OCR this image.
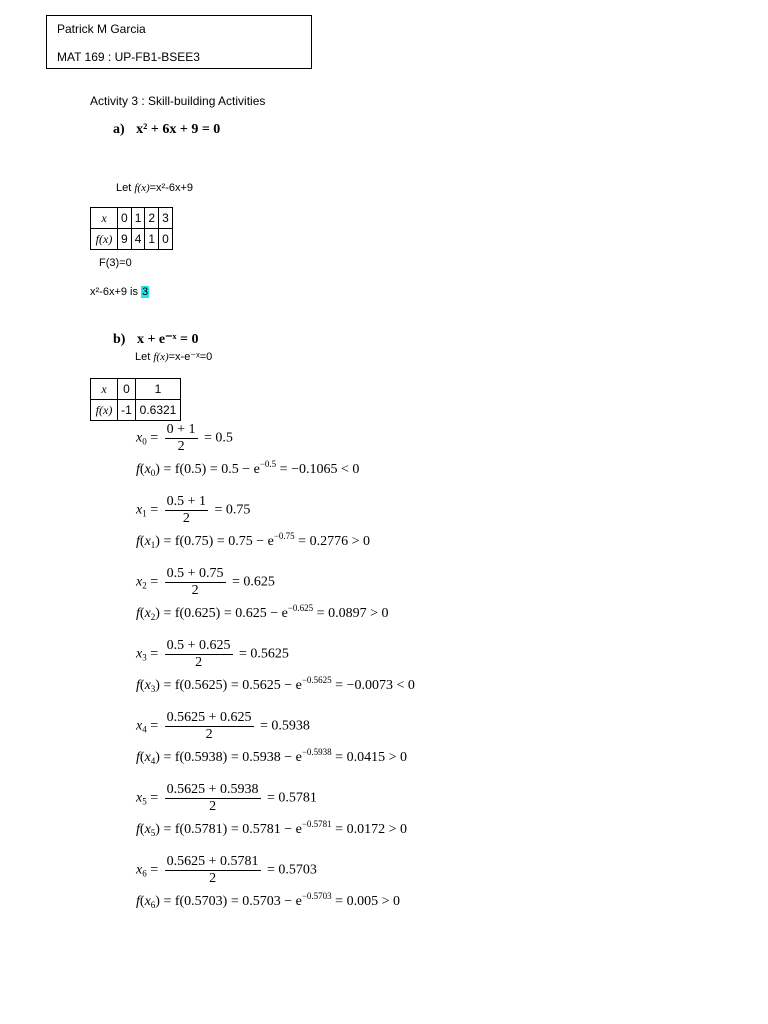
Patrick M Garcia
MAT 169 : UP-FB1-BSEE3
Activity 3 : Skill-building Activities
a) x² + 6x + 9 = 0
Let f(x)=x²-6x+9
x	0	1	2	3
f(x)	9	4	1	0
F(3)=0
x²-6x+9 is 3
b) x + e⁻ˣ = 0
Let f(x)=x-e⁻ˣ=0
x	0	1
f(x)	-1	0.6321
$x_0 = \frac{0 + 1}{2} = 0.5$
$f(x_0) = f(0.5) = 0.5 - e^{-0.5} = -0.1065 < 0$
$x_1 = \frac{0.5 + 1}{2} = 0.75$
$f(x_1) = f(0.75) = 0.75 - e^{-0.75} = 0.2776 > 0$
$x_2 = \frac{0.5 + 0.75}{2} = 0.625$
$f(x_2) = f(0.625) = 0.625 - e^{-0.625} = 0.0897 > 0$
$x_3 = \frac{0.5 + 0.625}{2} = 0.5625$
$f(x_3) = f(0.5625) = 0.5625 - e^{-0.5625} = -0.0073 < 0$
$x_4 = \frac{0.5625 + 0.625}{2} = 0.5938$
$f(x_4) = f(0.5938) = 0.5938 - e^{-0.5938} = 0.0415 > 0$
$x_5 = \frac{0.5625 + 0.5938}{2} = 0.5781$
$f(x_5) = f(0.5781) = 0.5781 - e^{-0.5781} = 0.0172 > 0$
$x_6 = \frac{0.5625 + 0.5781}{2} = 0.5703$
$f(x_6) = f(0.5703) = 0.5703 - e^{-0.5703} = 0.005 > 0$
